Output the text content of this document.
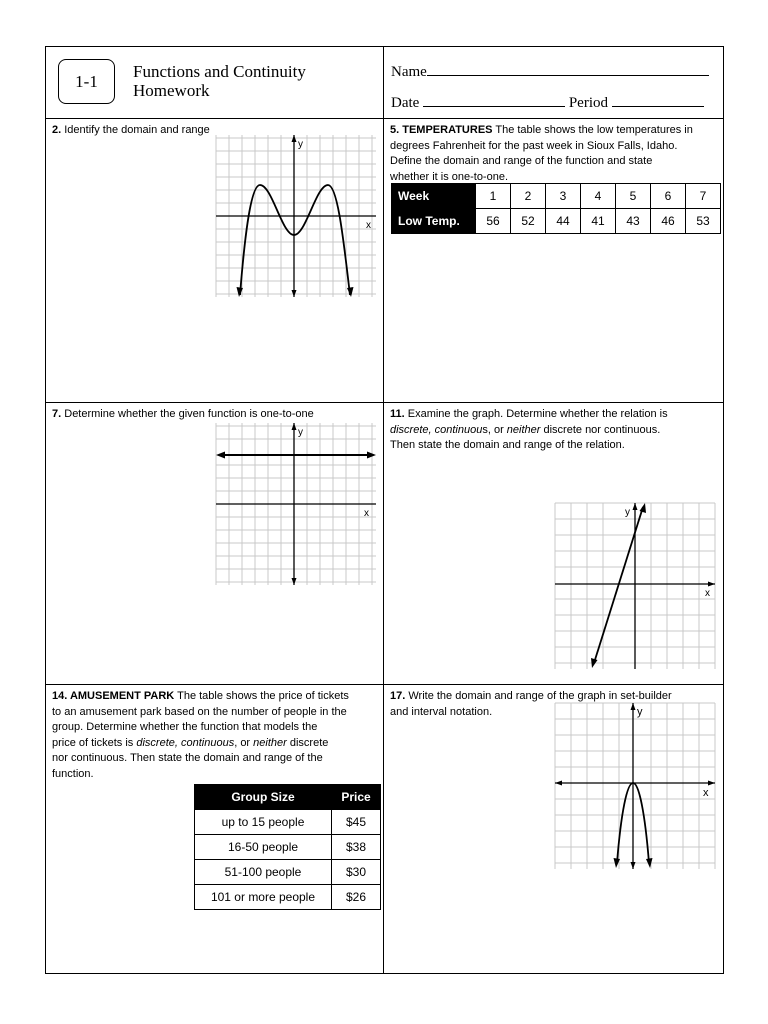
1-1	Functions and Continuity
Homework
Name
Date	Period
2. Identify the domain and range
y
x
5. TEMPERATURES The table shows the low temperatures in
degrees Fahrenheit for the past week in Sioux Falls, Idaho.
Define the domain and range of the function and state
whether it is one-to-one.
Week	1	2	3	4	5	6	7
Low Temp.	56	52	44	41	43	46	53
7. Determine whether the given function is one-to-one
y
x
11. Examine the graph. Determine whether the relation is
discrete, continuous, or neither discrete nor continuous.
Then state the domain and range of the relation.
y
x
14. AMUSEMENT PARK The table shows the price of tickets
to an amusement park based on the number of people in the
group. Determine whether the function that models the
price of tickets is discrete, continuous, or neither discrete
nor continuous. Then state the domain and range of the
function.
Group Size	Price
up to 15 people	$45
16-50 people	$38
51-100 people	$30
101 or more people	$26
17. Write the domain and range of the graph in set-builder
and interval notation.	y
x
